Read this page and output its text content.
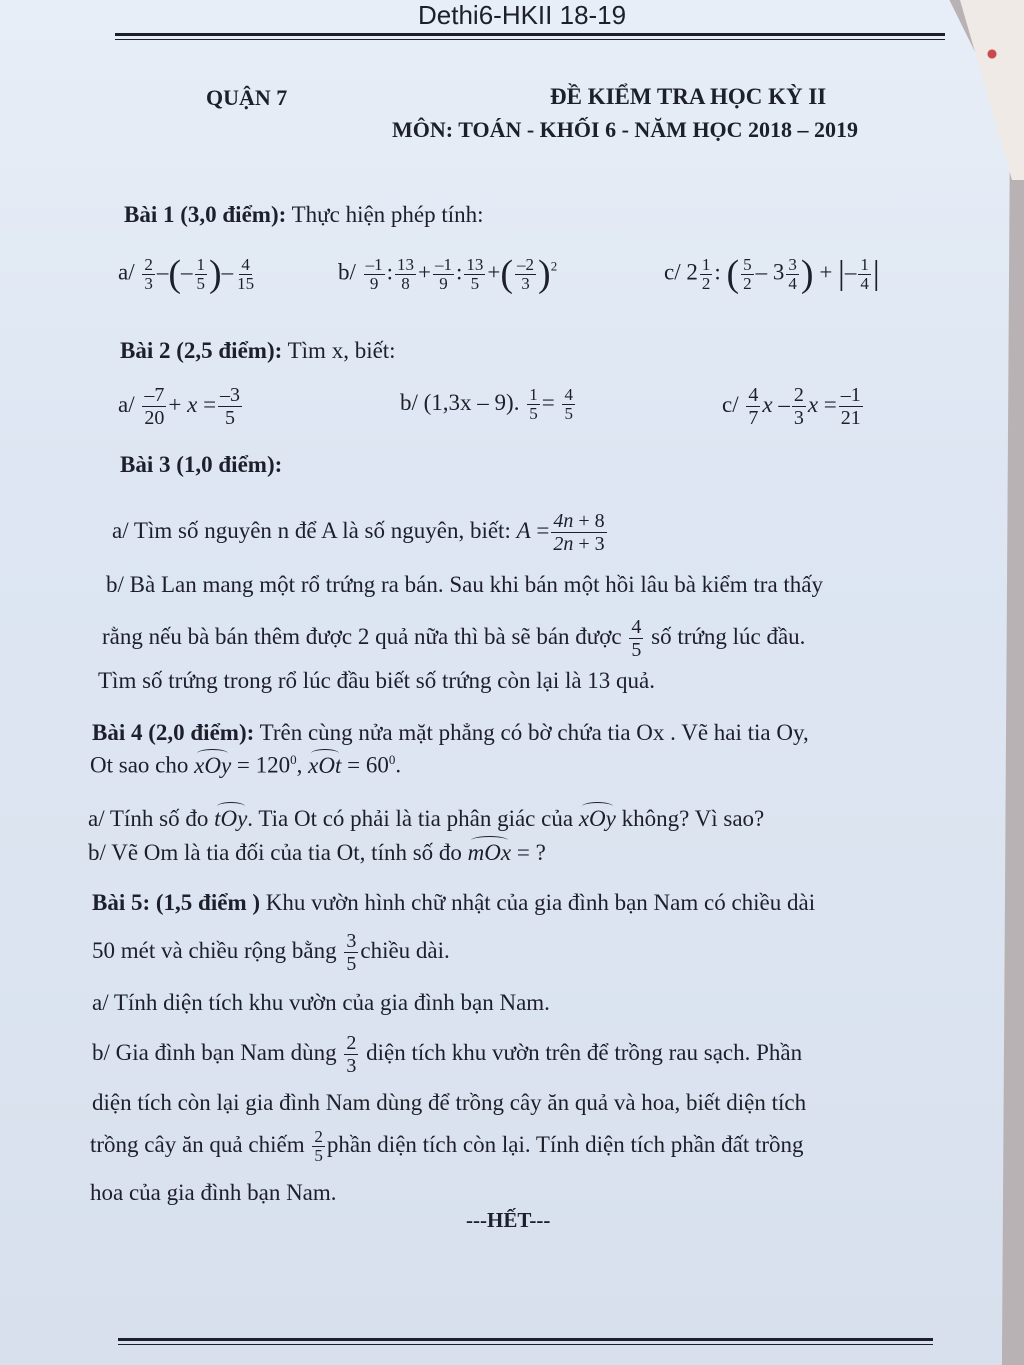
Dethi6-HKII 18-19
QUẬN 7	ĐỀ KIỂM TRA HỌC KỲ II
MÔN: TOÁN - KHỐI 6 - NĂM HỌC 2018 – 2019
Bài 1 (3,0 điểm): Thực hiện phép tính:
$a/ \frac{2}{3}$ –(– $\frac{1}{5}$ )– $\frac{4}{15}$	$b/ \frac{-1}{9}$ : $\frac{13}{8} + \frac{-1}{9}$ : $\frac{13}{5}$ +( $\frac{-2}{3} )^2$	c/ $2 \frac{1}{2}$ : ( $\frac{5}{2} - 3 \frac{3}{4}$ ) + |– $\frac{1}{4}$ |
Bài 2 (2,5 điểm): Tìm x, biết:
$a/ \frac{-7}{20} + x = \frac{-3}{5}$	b/ (1,3x – 9). $\frac{1}{5} = \frac{4}{5}$	$c/ \frac{4}{7}$ x – $\frac{2}{3}$ $x = \frac{-1}{21}$
Bài 3 (1,0 điểm):
a/ Tìm số nguyên n để A là số nguyên, biết: $A = \frac{4n + 8}{2n + 3}$
b/ Bà Lan mang một rổ trứng ra bán. Sau khi bán một hồi lâu bà kiểm tra thấy
rằng nếu bà bán thêm được 2 quả nữa thì bà sẽ bán được $\frac{4}{5}$ số trứng lúc đầu.
Tìm số trứng trong rổ lúc đầu biết số trứng còn lại là 13 quả.
Bài 4 (2,0 điểm): Trên cùng nửa mặt phẳng có bờ chứa tia Ox . Vẽ hai tia Oy,
Ot sao cho xOy = $120^0$, xOt = $60^0$.
a/ Tính số đo tOy. Tia Ot có phải là tia phân giác của xOy không? Vì sao?
b/ Vẽ Om là tia đối của tia Ot, tính số đo mOx = ?
Bài 5: (1,5 điểm ) Khu vườn hình chữ nhật của gia đình bạn Nam có chiều dài
50 mét và chiều rộng bằng $\frac{3}{5}$ chiều dài.
a/ Tính diện tích khu vườn của gia đình bạn Nam.
b/ Gia đình bạn Nam dùng $\frac{2}{3}$ diện tích khu vườn trên để trồng rau sạch. Phần
diện tích còn lại gia đình Nam dùng để trồng cây ăn quả và hoa, biết diện tích
trồng cây ăn quả chiếm $\frac{2}{5}$ phần diện tích còn lại. Tính diện tích phần đất trồng
hoa của gia đình bạn Nam.
---HẾT---
